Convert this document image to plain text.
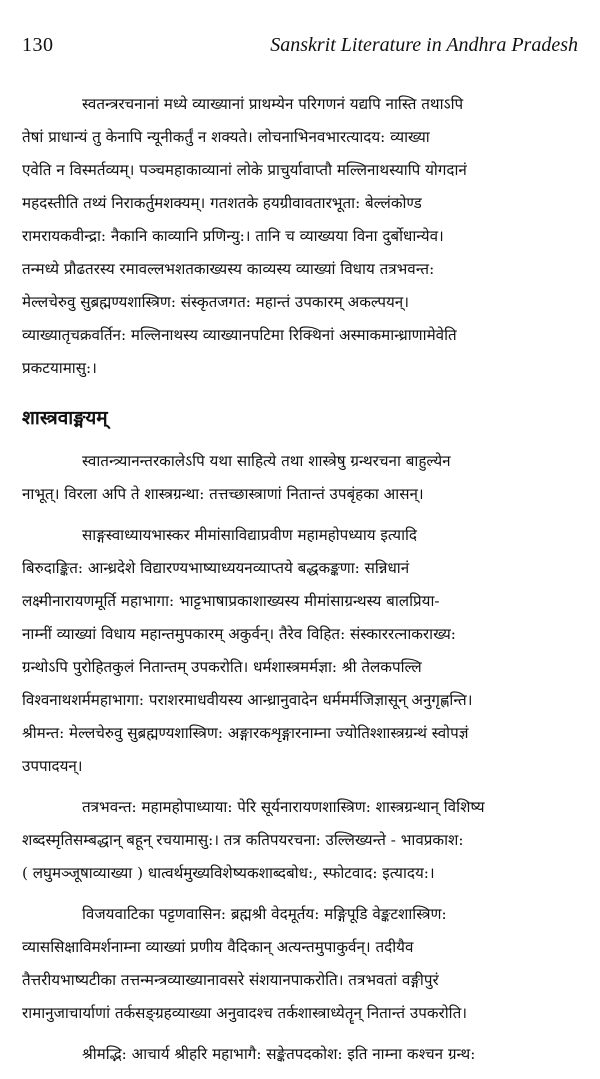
130	Sanskrit Literature in Andhra Pradesh
स्वतन्त्ररचनानां मध्ये व्याख्यानां प्राथम्येन परिगणनं यद्यपि नास्ति तथाऽपि
तेषां प्राधान्यं तु केनापि न्यूनीकर्तुं न शक्यते। लोचनाभिनवभारत्यादय: व्याख्या
एवेति न विस्मर्तव्यम्। पञ्चमहाकाव्यानां लोके प्राचुर्यावाप्तौ मल्लिनाथस्यापि योगदानं
महदस्तीति तथ्यं निराकर्तुमशक्यम्। गतशतके हयग्रीवावतारभूता: बेल्लंकोण्ड
रामरायकवीन्द्रा: नैकानि काव्यानि प्रणिन्यु:। तानि च व्याख्यया विना दुर्बोधान्येव।
तन्मध्ये प्रौढतरस्य रमावल्लभशतकाख्यस्य काव्यस्य व्याख्यां विधाय तत्रभवन्त:
मेल्लचेरुवु सुब्रह्मण्यशास्त्रिण: संस्कृतजगत: महान्तं उपकारम् अकल्पयन्।
व्याख्यातृचक्रवर्तिन: मल्लिनाथस्य व्याख्यानपटिमा रिक्थिनां अस्माकमान्ध्राणामेवेति
प्रकटयामासु:।
शास्त्रवाङ्मयम्
स्वातन्त्र्यानन्तरकालेऽपि यथा साहित्ये तथा शास्त्रेषु ग्रन्थरचना बाहुल्येन
नाभूत्। विरला अपि ते शास्त्रग्रन्था: तत्तच्छास्त्राणां नितान्तं उपबृंहका आसन्।
साङ्गस्वाध्यायभास्कर मीमांसाविद्याप्रवीण महामहोपध्याय इत्यादि
बिरुदाङ्कित: आन्ध्रदेशे विद्यारण्यभाष्याध्ययनव्याप्तये बद्धकङ्कणा: सन्निधानं
लक्ष्मीनारायणमूर्ति महाभागा: भाट्टभाषाप्रकाशाख्यस्य मीमांसाग्रन्थस्य बालप्रिया-
नाम्नीं व्याख्यां विधाय महान्तमुपकारम् अकुर्वन्। तैरेव विहित: संस्काररत्नाकराख्य:
ग्रन्थोऽपि पुरोहितकुलं नितान्तम् उपकरोति। धर्मशास्त्रमर्मज्ञा: श्री तेलकपल्लि
विश्वनाथशर्ममहाभागा: पराशरमाधवीयस्य आन्ध्रानुवादेन धर्ममर्मजिज्ञासून् अनुगृह्णन्ति।
श्रीमन्त: मेल्लचेरुवु सुब्रह्मण्यशास्त्रिण: अङ्गारकशृङ्गारनाम्ना ज्योतिश्शास्त्रग्रन्थं स्वोपज्ञं
उपपादयन्।
तत्रभवन्त: महामहोपाध्याया: पेरि सूर्यनारायणशास्त्रिण: शास्त्रग्रन्थान् विशिष्य
शब्दस्मृतिसम्बद्धान् बहून् रचयामासु:। तत्र कतिपयरचना: उल्लिख्यन्ते - भावप्रकाश:
( लघुमञ्जूषाव्याख्या ) धात्वर्थमुख्यविशेष्यकशाब्दबोध:, स्फोटवाद: इत्यादय:।
विजयवाटिका पट्टणवासिन: ब्रह्मश्री वेदमूर्तय: मङ्गिपूडि वेङ्कटशास्त्रिण:
व्याससिक्षाविमर्शनाम्ना व्याख्यां प्रणीय वैदिकान् अत्यन्तमुपाकुर्वन्। तदीयैव
तैत्तरीयभाष्यटीका तत्तन्मन्त्रव्याख्यानावसरे संशयानपाकरोति। तत्रभवतां वङ्गीपुरं
रामानुजाचार्याणां तर्कसङ्ग्रहव्याख्या अनुवादश्च तर्कशास्त्राध्येतॄन् नितान्तं उपकरोति।
श्रीमद्भि: आचार्य श्रीहरि महाभागै: सङ्केतपदकोश: इति नाम्ना कश्चन ग्रन्थ:
